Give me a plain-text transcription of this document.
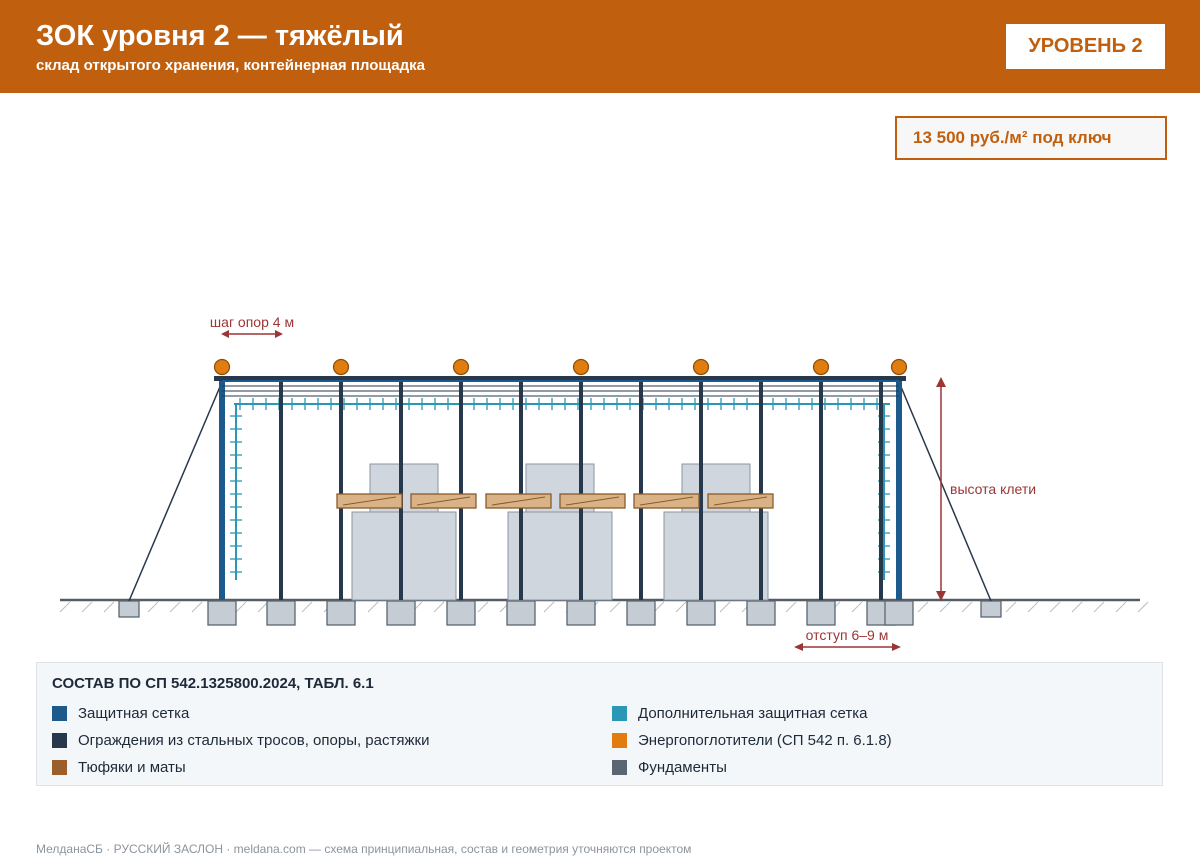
ЗОК уровня 2 — тяжёлый
склад открытого хранения, контейнерная площадка
УРОВЕНЬ 2
13 500 руб./м² под ключ
шаг опор 4 м
высота клети
отступ 6–9 м
СОСТАВ ПО СП 542.1325800.2024, ТАБЛ. 6.1
Защитная сетка	Дополнительная защитная сетка
Ограждения из стальных тросов, опоры, растяжки	Энергопоглотители (СП 542 п. 6.1.8)
Тюфяки и маты	Фундаменты
МелданаСБ · РУССКИЙ ЗАСЛОН · meldana.com — схема принципиальная, состав и геометрия уточняются проектом
